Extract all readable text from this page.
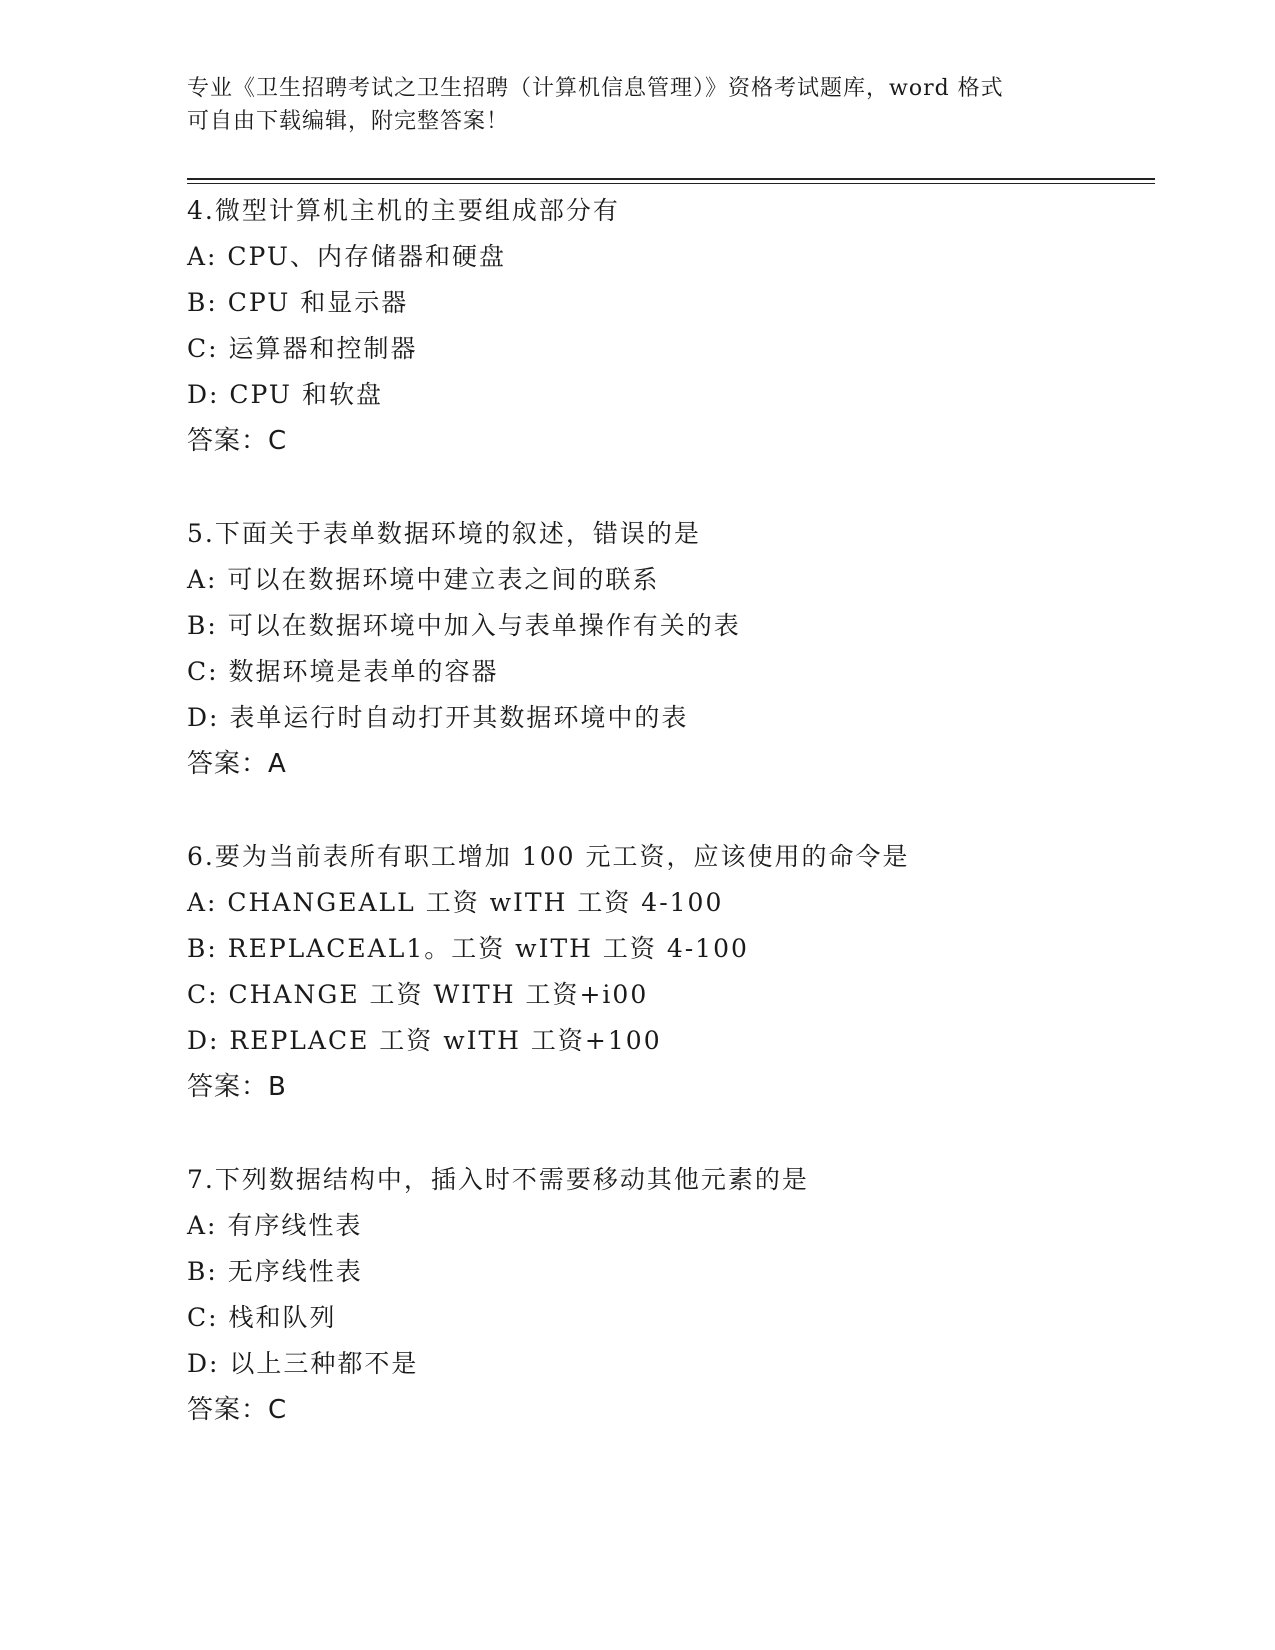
专业《卫生招聘考试之卫生招聘（计算机信息管理）》资格考试题库，word 格式
可自由下载编辑，附完整答案！
4.微型计算机主机的主要组成部分有
A: CPU、内存储器和硬盘
B: CPU 和显示器
C: 运算器和控制器
D: CPU 和软盘
答案：C
5.下面关于表单数据环境的叙述，错误的是
A: 可以在数据环境中建立表之间的联系
B: 可以在数据环境中加入与表单操作有关的表
C: 数据环境是表单的容器
D: 表单运行时自动打开其数据环境中的表
答案：A
6.要为当前表所有职工增加 100 元工资，应该使用的命令是
A: CHANGEALL 工资 wITH 工资 4-100
B: REPLACEAL1。工资 wITH 工资 4-100
C: CHANGE 工资 WITH 工资+i00
D: REPLACE 工资 wITH 工资+100
答案：B
7.下列数据结构中，插入时不需要移动其他元素的是
A: 有序线性表
B: 无序线性表
C: 栈和队列
D: 以上三种都不是
答案：C
